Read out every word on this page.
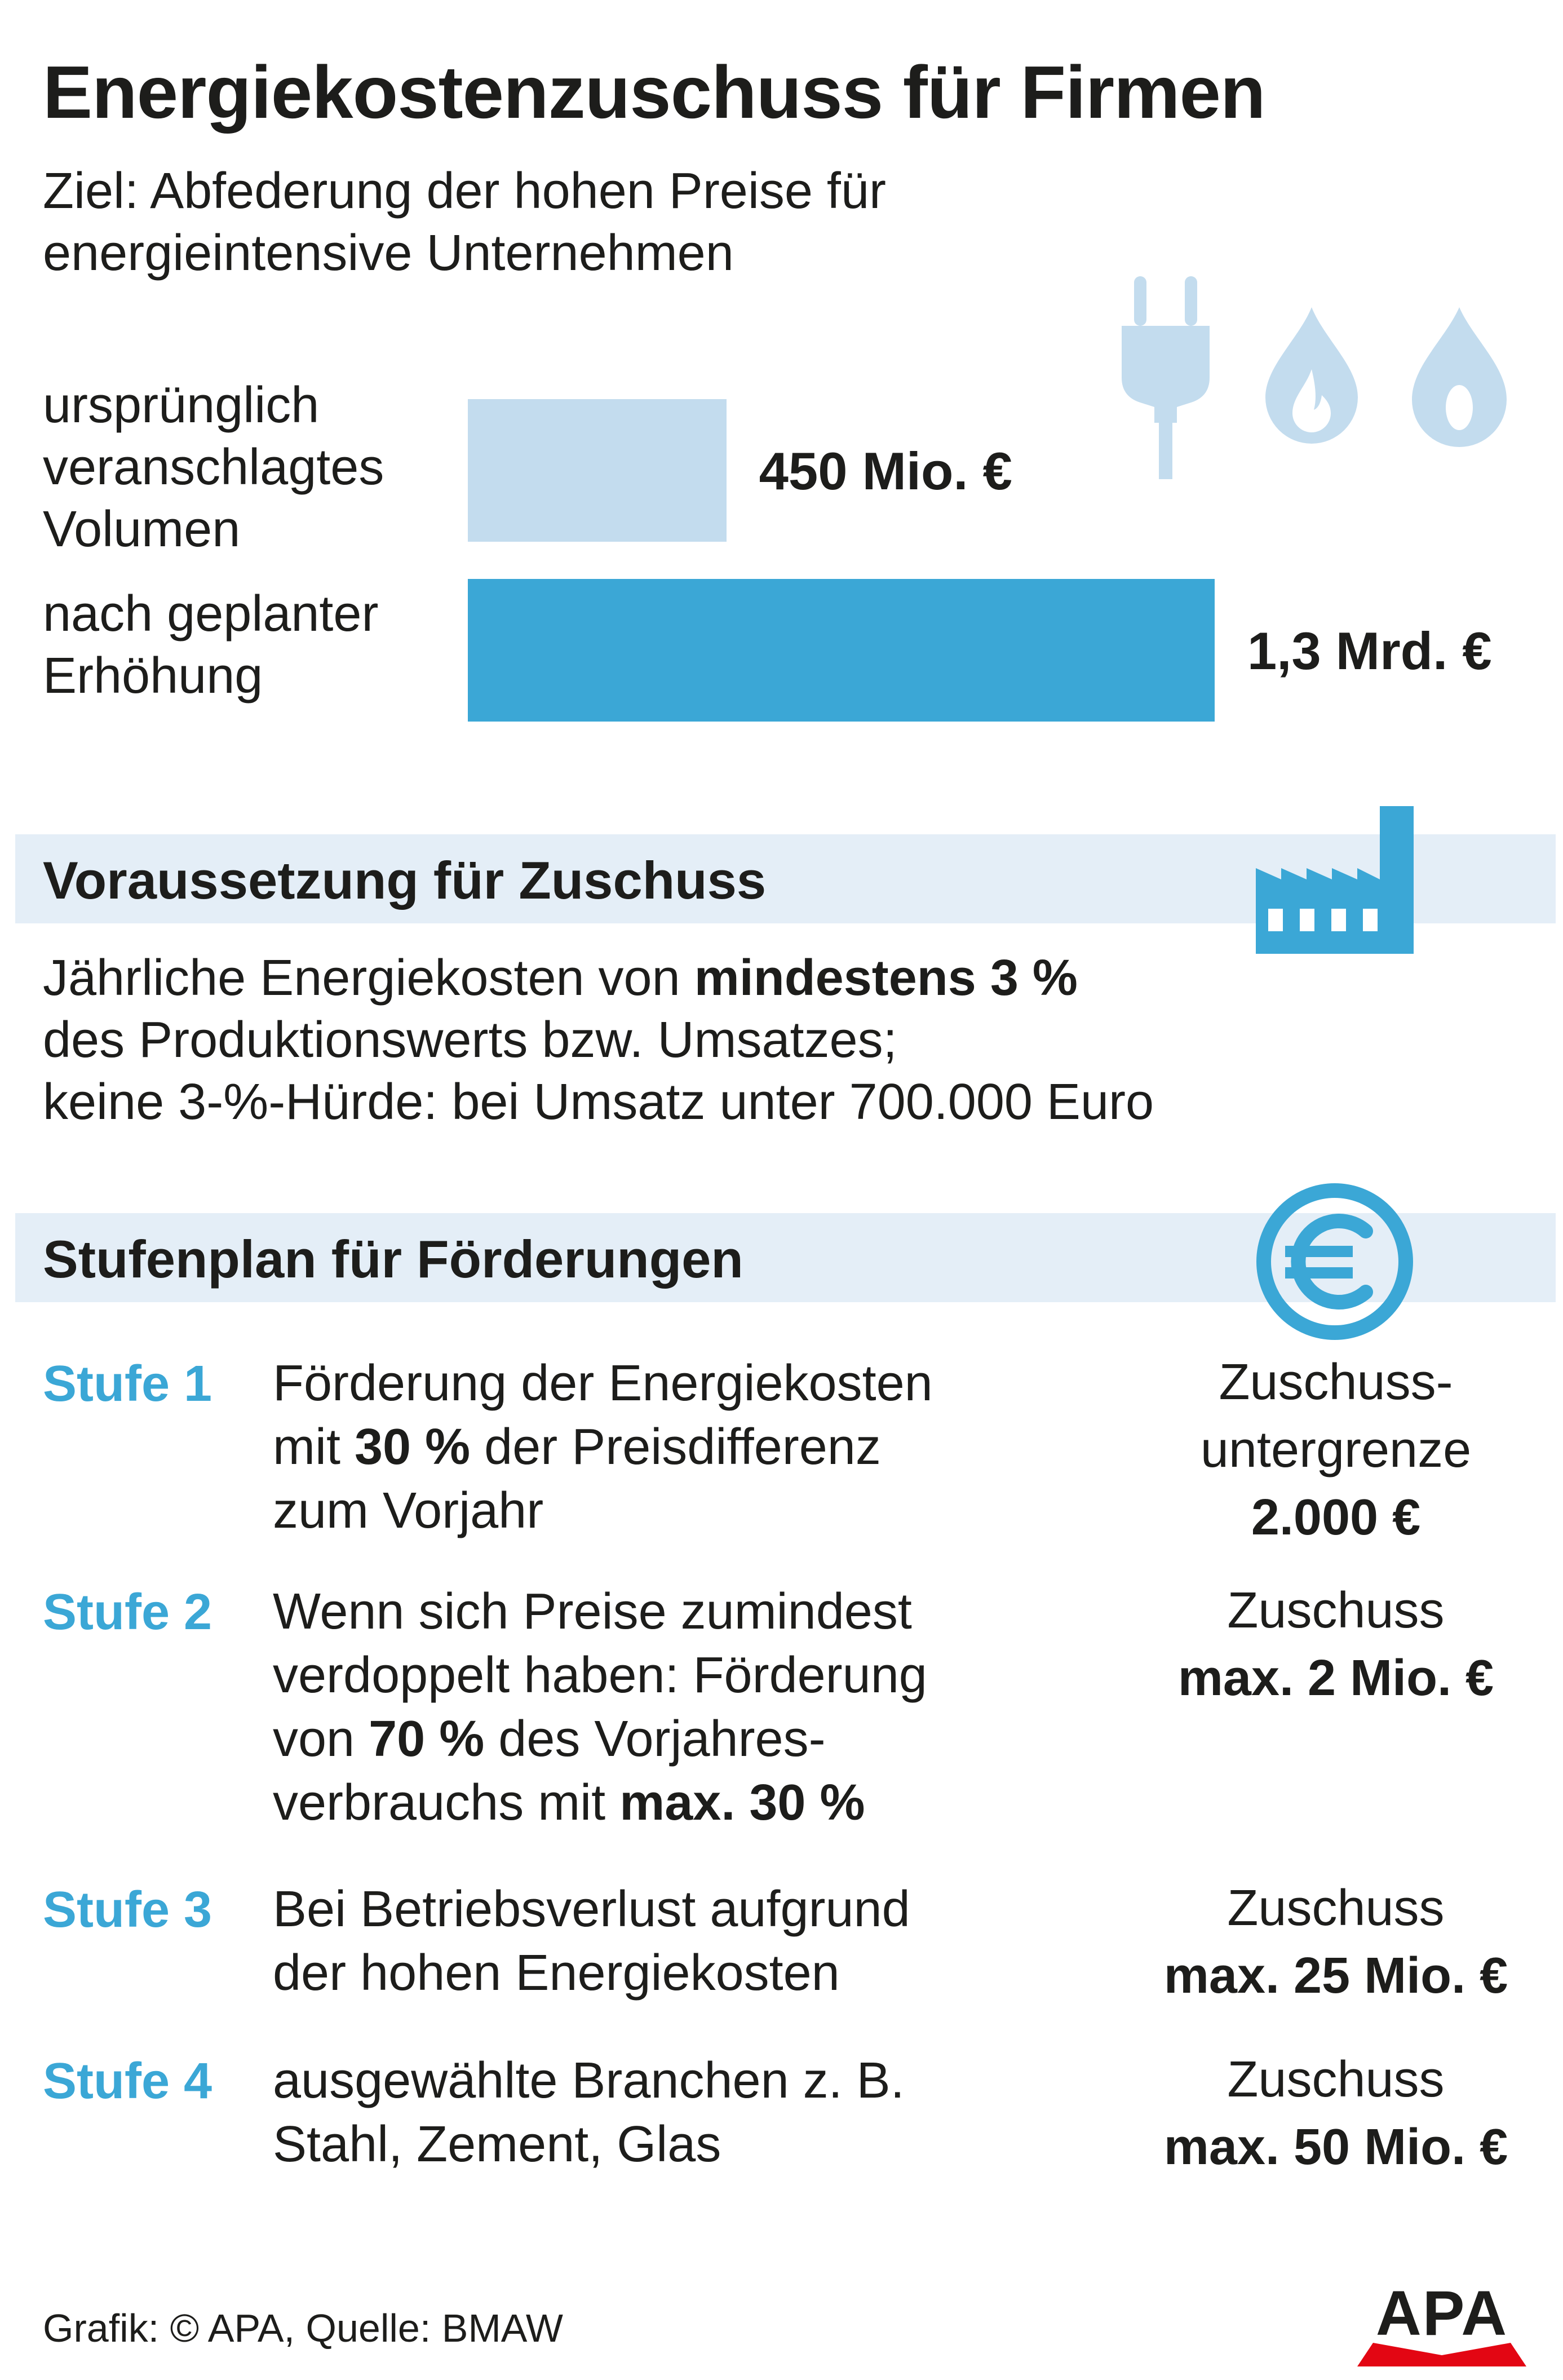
Energiekostenzuschuss für Firmen
Ziel: Abfederung der hohen Preise für
energieintensive Unternehmen
ursprünglich
veranschlagtes
Volumen
nach geplanter
Erhöhung
450 Mio. €
1,3 Mrd. €
Voraussetzung für Zuschuss
Jährliche Energiekosten von mindestens 3 %
des Produktionswerts bzw. Umsatzes;
keine 3-%-Hürde: bei Umsatz unter 700.000 Euro
Stufenplan für Förderungen
Stufe 1 Förderung der Energiekosten
mit 30 % der Preisdifferenz
zum Vorjahr
Zuschuss-
untergrenze
2.000 €
Stufe 2 Wenn sich Preise zumindest
verdoppelt haben: Förderung
von 70 % des Vorjahres-
verbrauchs mit max. 30 %
Zuschuss
max. 2 Mio. €
Stufe 3 Bei Betriebsverlust aufgrund
der hohen Energiekosten
Zuschuss
max. 25 Mio. €
Stufe 4 ausgewählte Branchen z. B.
Stahl, Zement, Glas
Zuschuss
max. 50 Mio. €
Grafik: © APA, Quelle: BMAW	APA
